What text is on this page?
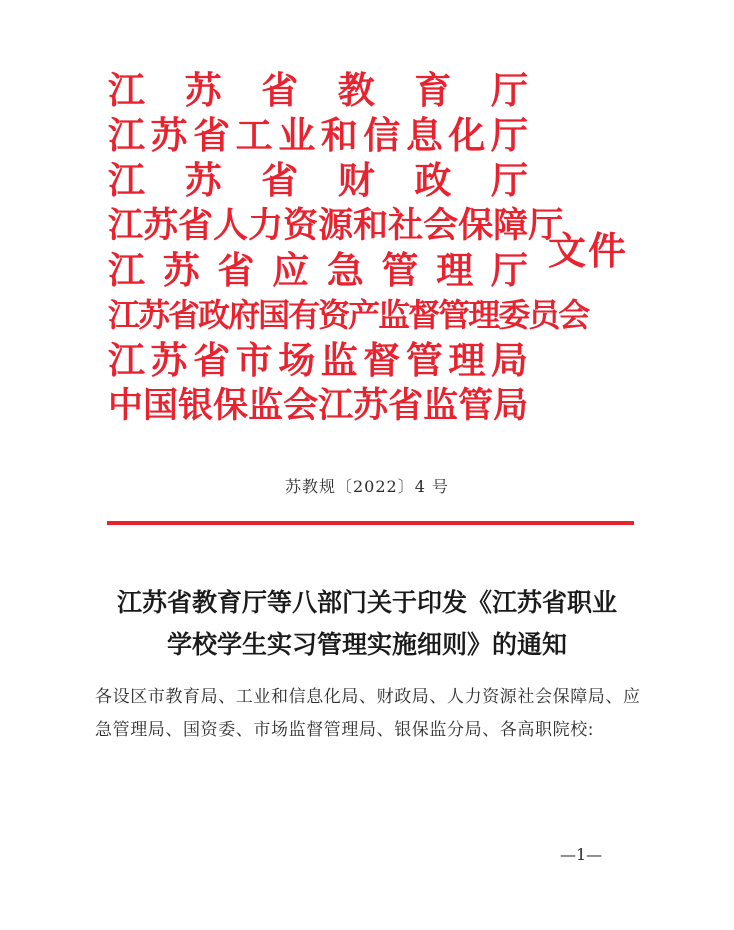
江 苏 省 教 育 厅
江 苏 省 工 业 和 信 息 化 厅
江 苏 省 财 政 厅
江 苏 省 人 力 资 源 和 社 会 保 障 厅
江 苏 省 应 急 管 理 厅
江 苏 省 政 府 国 有 资 产 监 督 管 理 委 员 会
江 苏 省 市 场 监 督 管 理 局
中 国 银 保 监 会 江 苏 省 监 管 局
文件
苏教规〔2022〕4 号
江苏省教育厅等八部门关于印发《江苏省职业
学校学生实习管理实施细则》的通知
各设区市教育局、工业和信息化局、财政局、人力资源社会保障局、应急管理局、国资委、市场监督管理局、银保监分局、各高职院校:
—1—
